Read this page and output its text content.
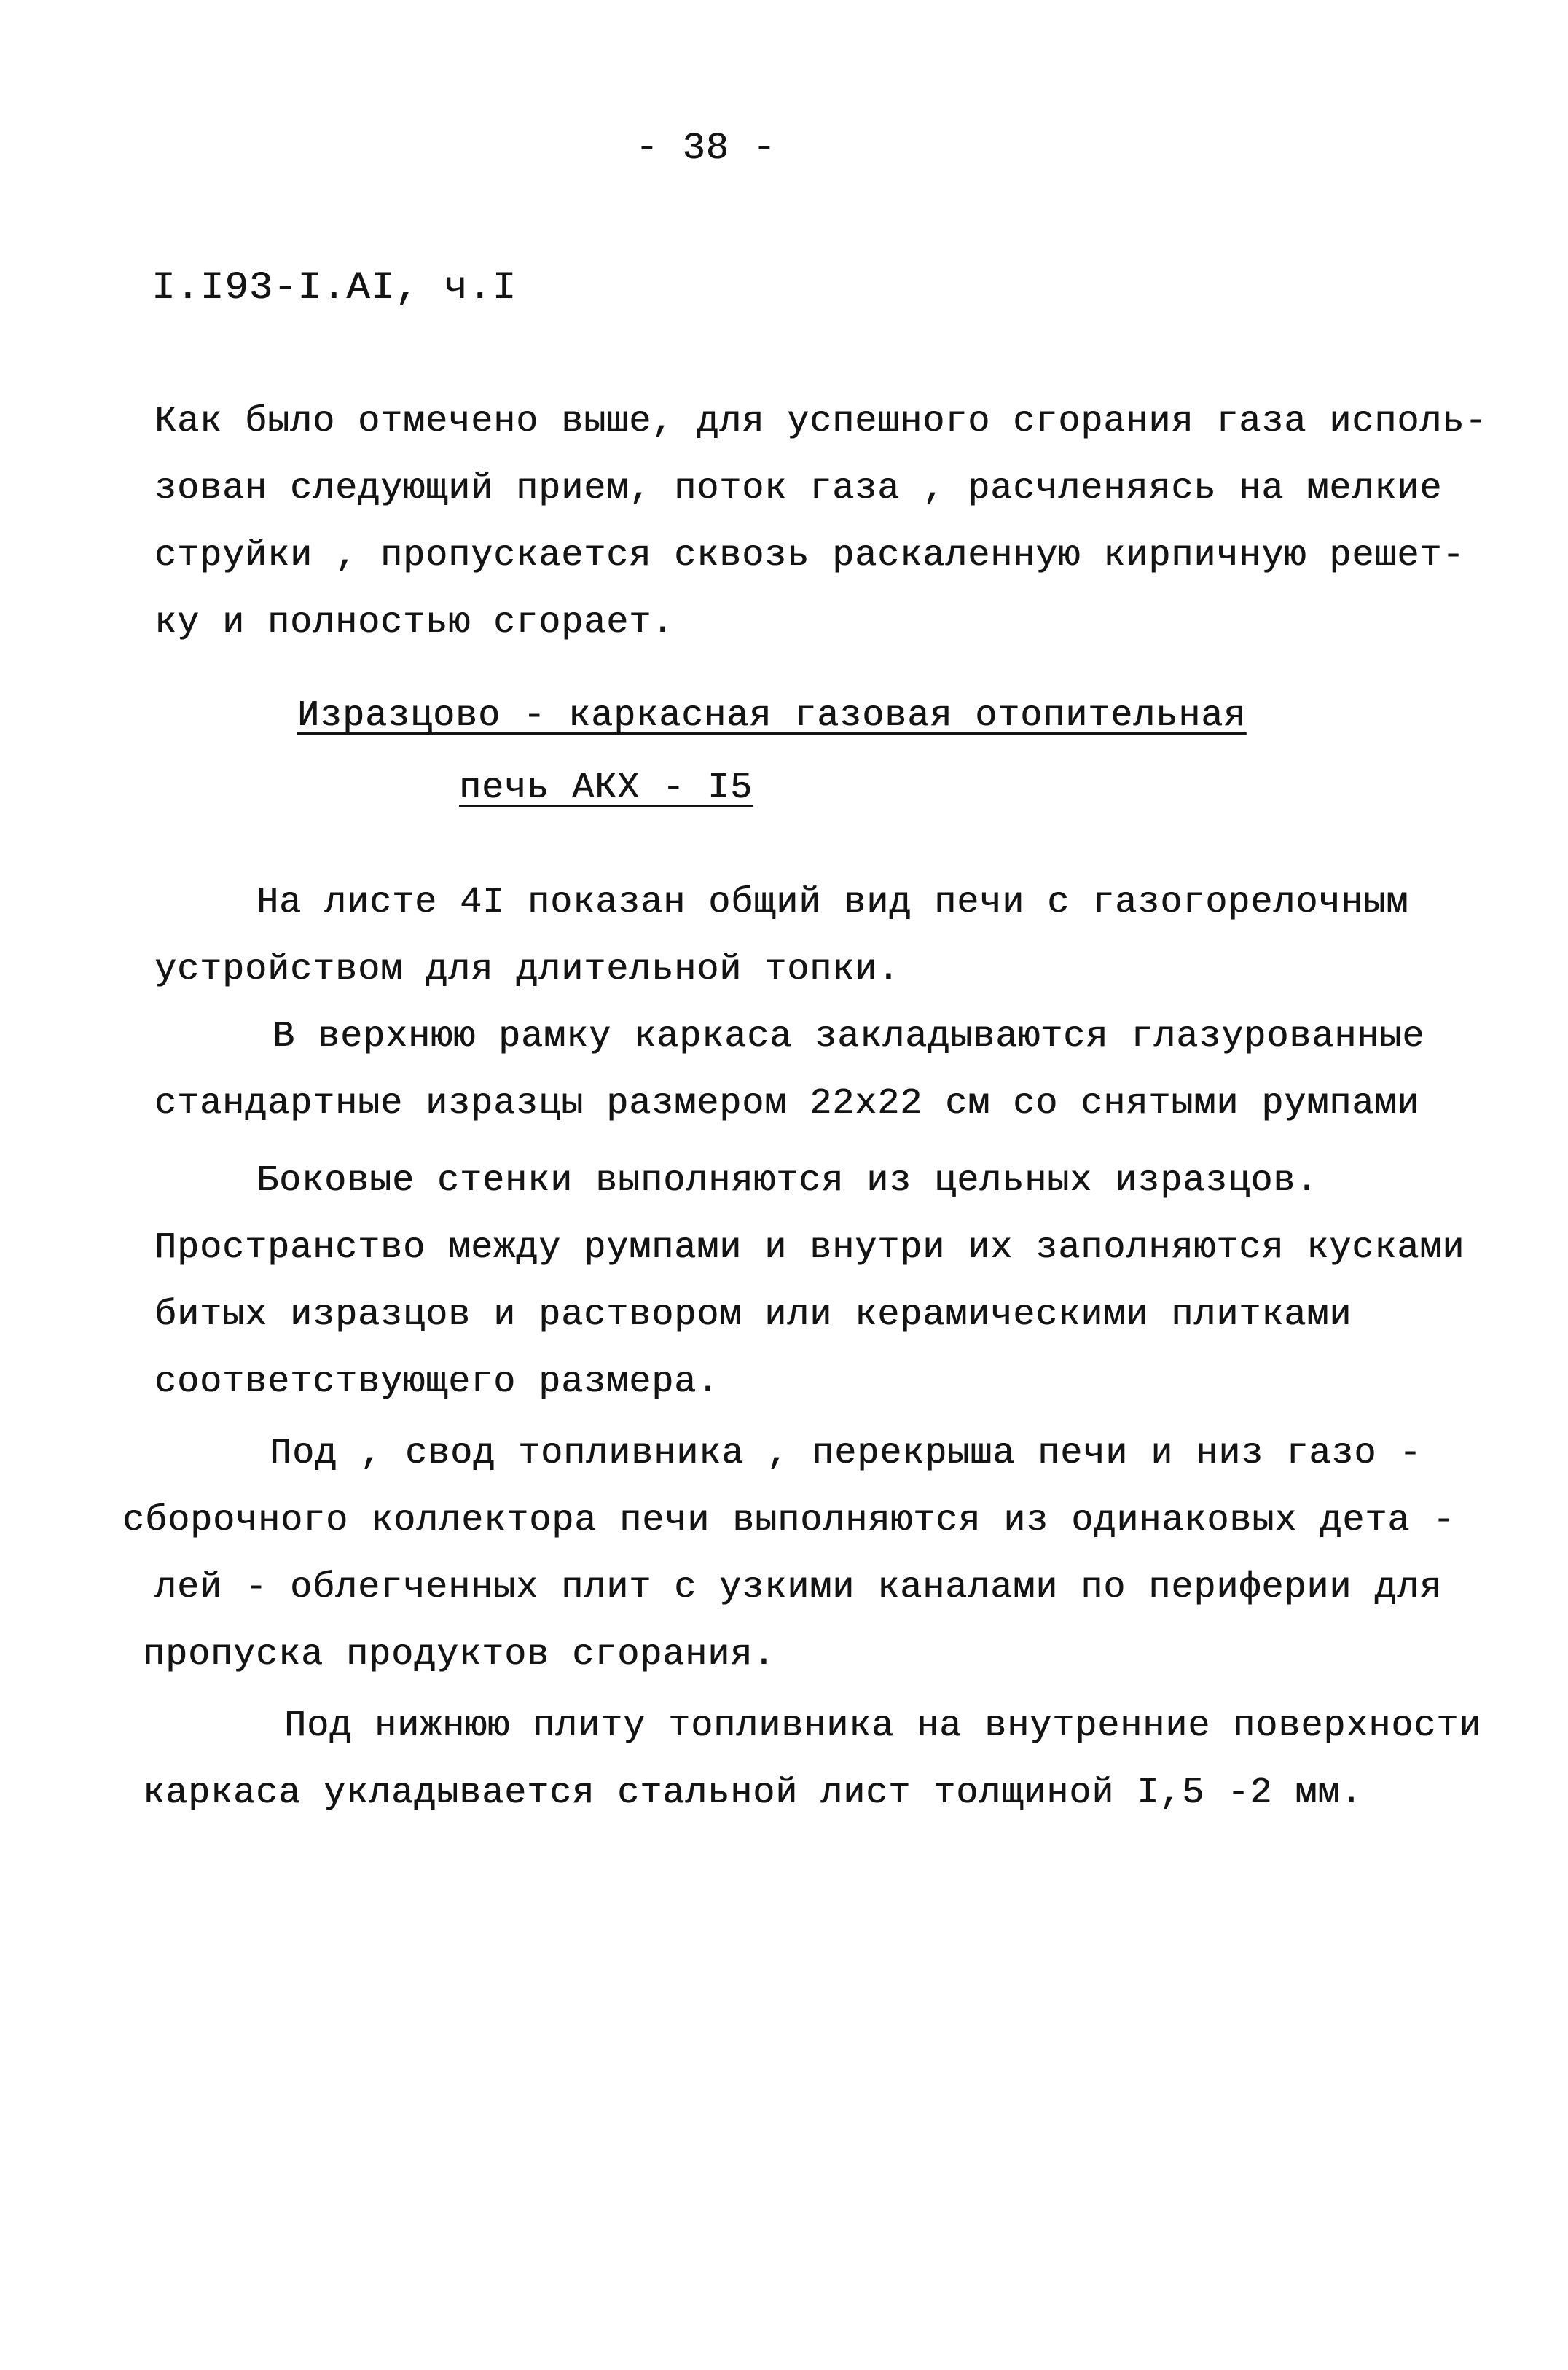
- 38 -
I.I93-I.AI, ч.I
Как было отмечено выше, для успешного сгорания газа исполь-
зован следующий прием, поток газа , расчленяясь на мелкие
струйки , пропускается сквозь раскаленную кирпичную решет-
ку и полностью сгорает.
Изразцово - каркасная газовая отопительная
печь АКХ - I5
На листе 4I показан общий вид печи с газогорелочным
устройством для длительной топки.
В верхнюю рамку каркаса закладываются глазурованные
стандартные изразцы размером 22х22 см со снятыми румпами
Боковые стенки выполняются из цельных изразцов.
Пространство между румпами и внутри их заполняются кусками
битых изразцов и раствором или керамическими плитками
соответствующего размера.
Под , свод топливника , перекрыша печи и низ газо -
сборочного коллектора печи выполняются из одинаковых дета -
лей - облегченных плит с узкими каналами по периферии для
пропуска продуктов сгорания.
Под нижнюю плиту топливника на внутренние поверхности
каркаса укладывается стальной лист толщиной I,5 -2 мм.
